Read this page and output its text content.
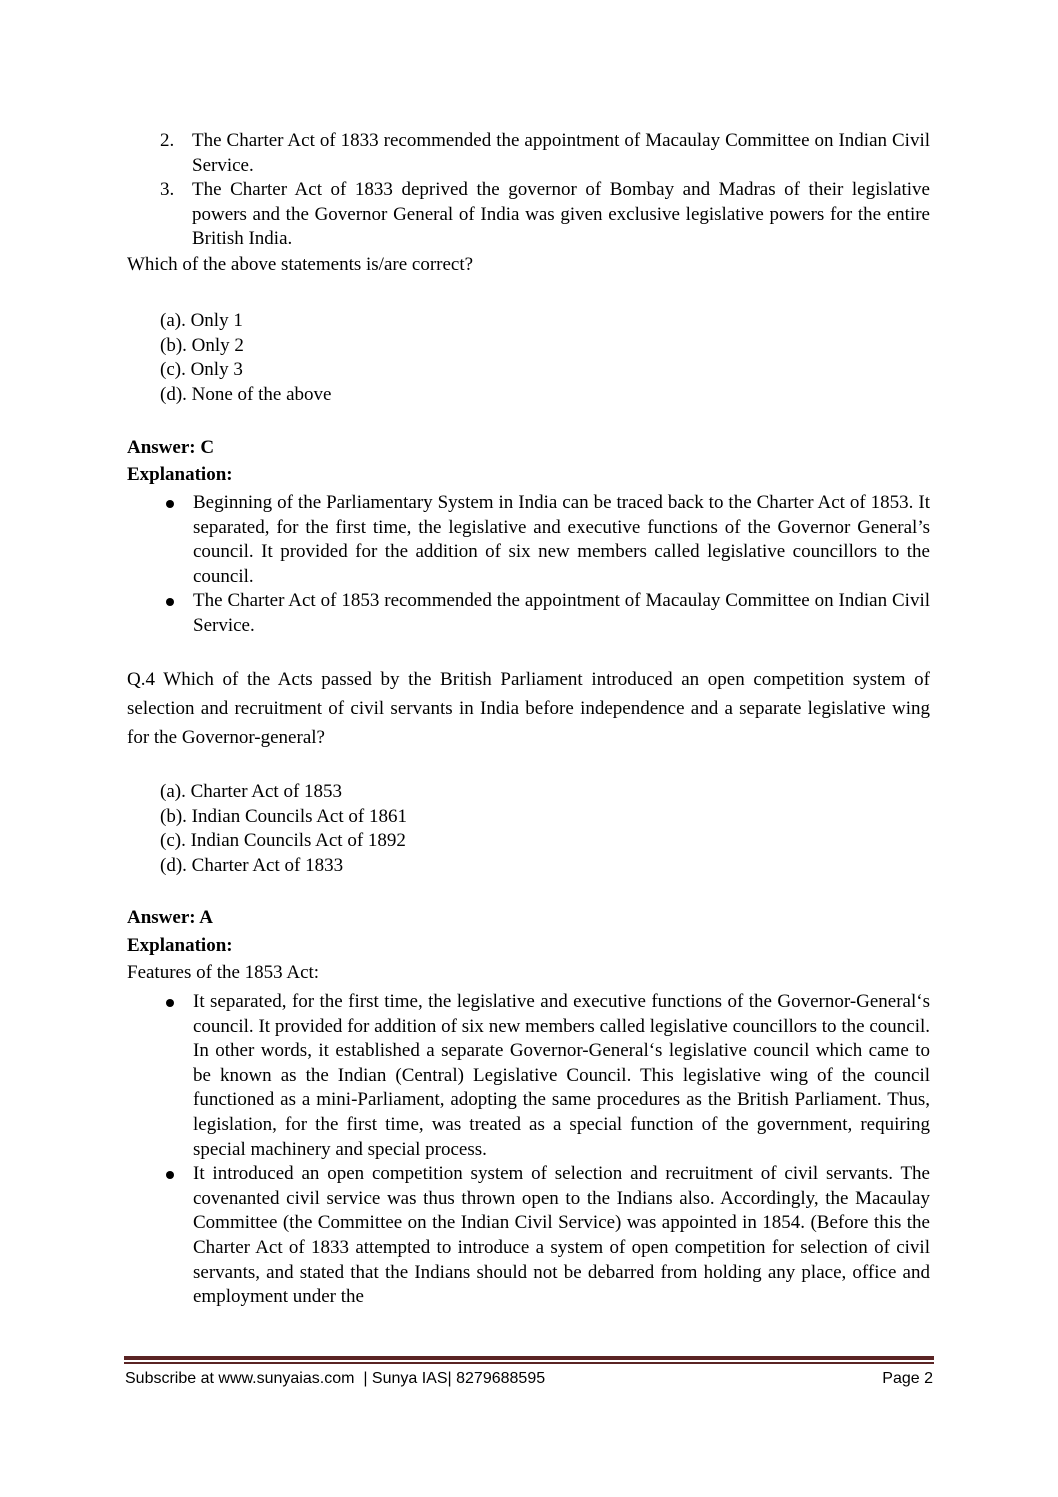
2. The Charter Act of 1833 recommended the appointment of Macaulay Committee on Indian Civil Service.
3. The Charter Act of 1833 deprived the governor of Bombay and Madras of their legislative powers and the Governor General of India was given exclusive legislative powers for the entire British India.
Which of the above statements is/are correct?
(a). Only 1
(b). Only 2
(c). Only 3
(d). None of the above
Answer: C
Explanation:
Beginning of the Parliamentary System in India can be traced back to the Charter Act of 1853. It separated, for the first time, the legislative and executive functions of the Governor General’s council. It provided for the addition of six new members called legislative councillors to the council.
The Charter Act of 1853 recommended the appointment of Macaulay Committee on Indian Civil Service.
Q.4 Which of the Acts passed by the British Parliament introduced an open competition system of selection and recruitment of civil servants in India before independence and a separate legislative wing for the Governor-general?
(a). Charter Act of 1853
(b). Indian Councils Act of 1861
(c). Indian Councils Act of 1892
(d). Charter Act of 1833
Answer: A
Explanation:
Features of the 1853 Act:
It separated, for the first time, the legislative and executive functions of the Governor-General‘s council. It provided for addition of six new members called legislative councillors to the council. In other words, it established a separate Governor-General‘s legislative council which came to be known as the Indian (Central) Legislative Council. This legislative wing of the council functioned as a mini-Parliament, adopting the same procedures as the British Parliament. Thus, legislation, for the first time, was treated as a special function of the government, requiring special machinery and special process.
It introduced an open competition system of selection and recruitment of civil servants. The covenanted civil service was thus thrown open to the Indians also. Accordingly, the Macaulay Committee (the Committee on the Indian Civil Service) was appointed in 1854. (Before this the Charter Act of 1833 attempted to introduce a system of open competition for selection of civil servants, and stated that the Indians should not be debarred from holding any place, office and employment under the
Subscribe at www.sunyaias.com  | Sunya IAS| 8279688595	Page 2
